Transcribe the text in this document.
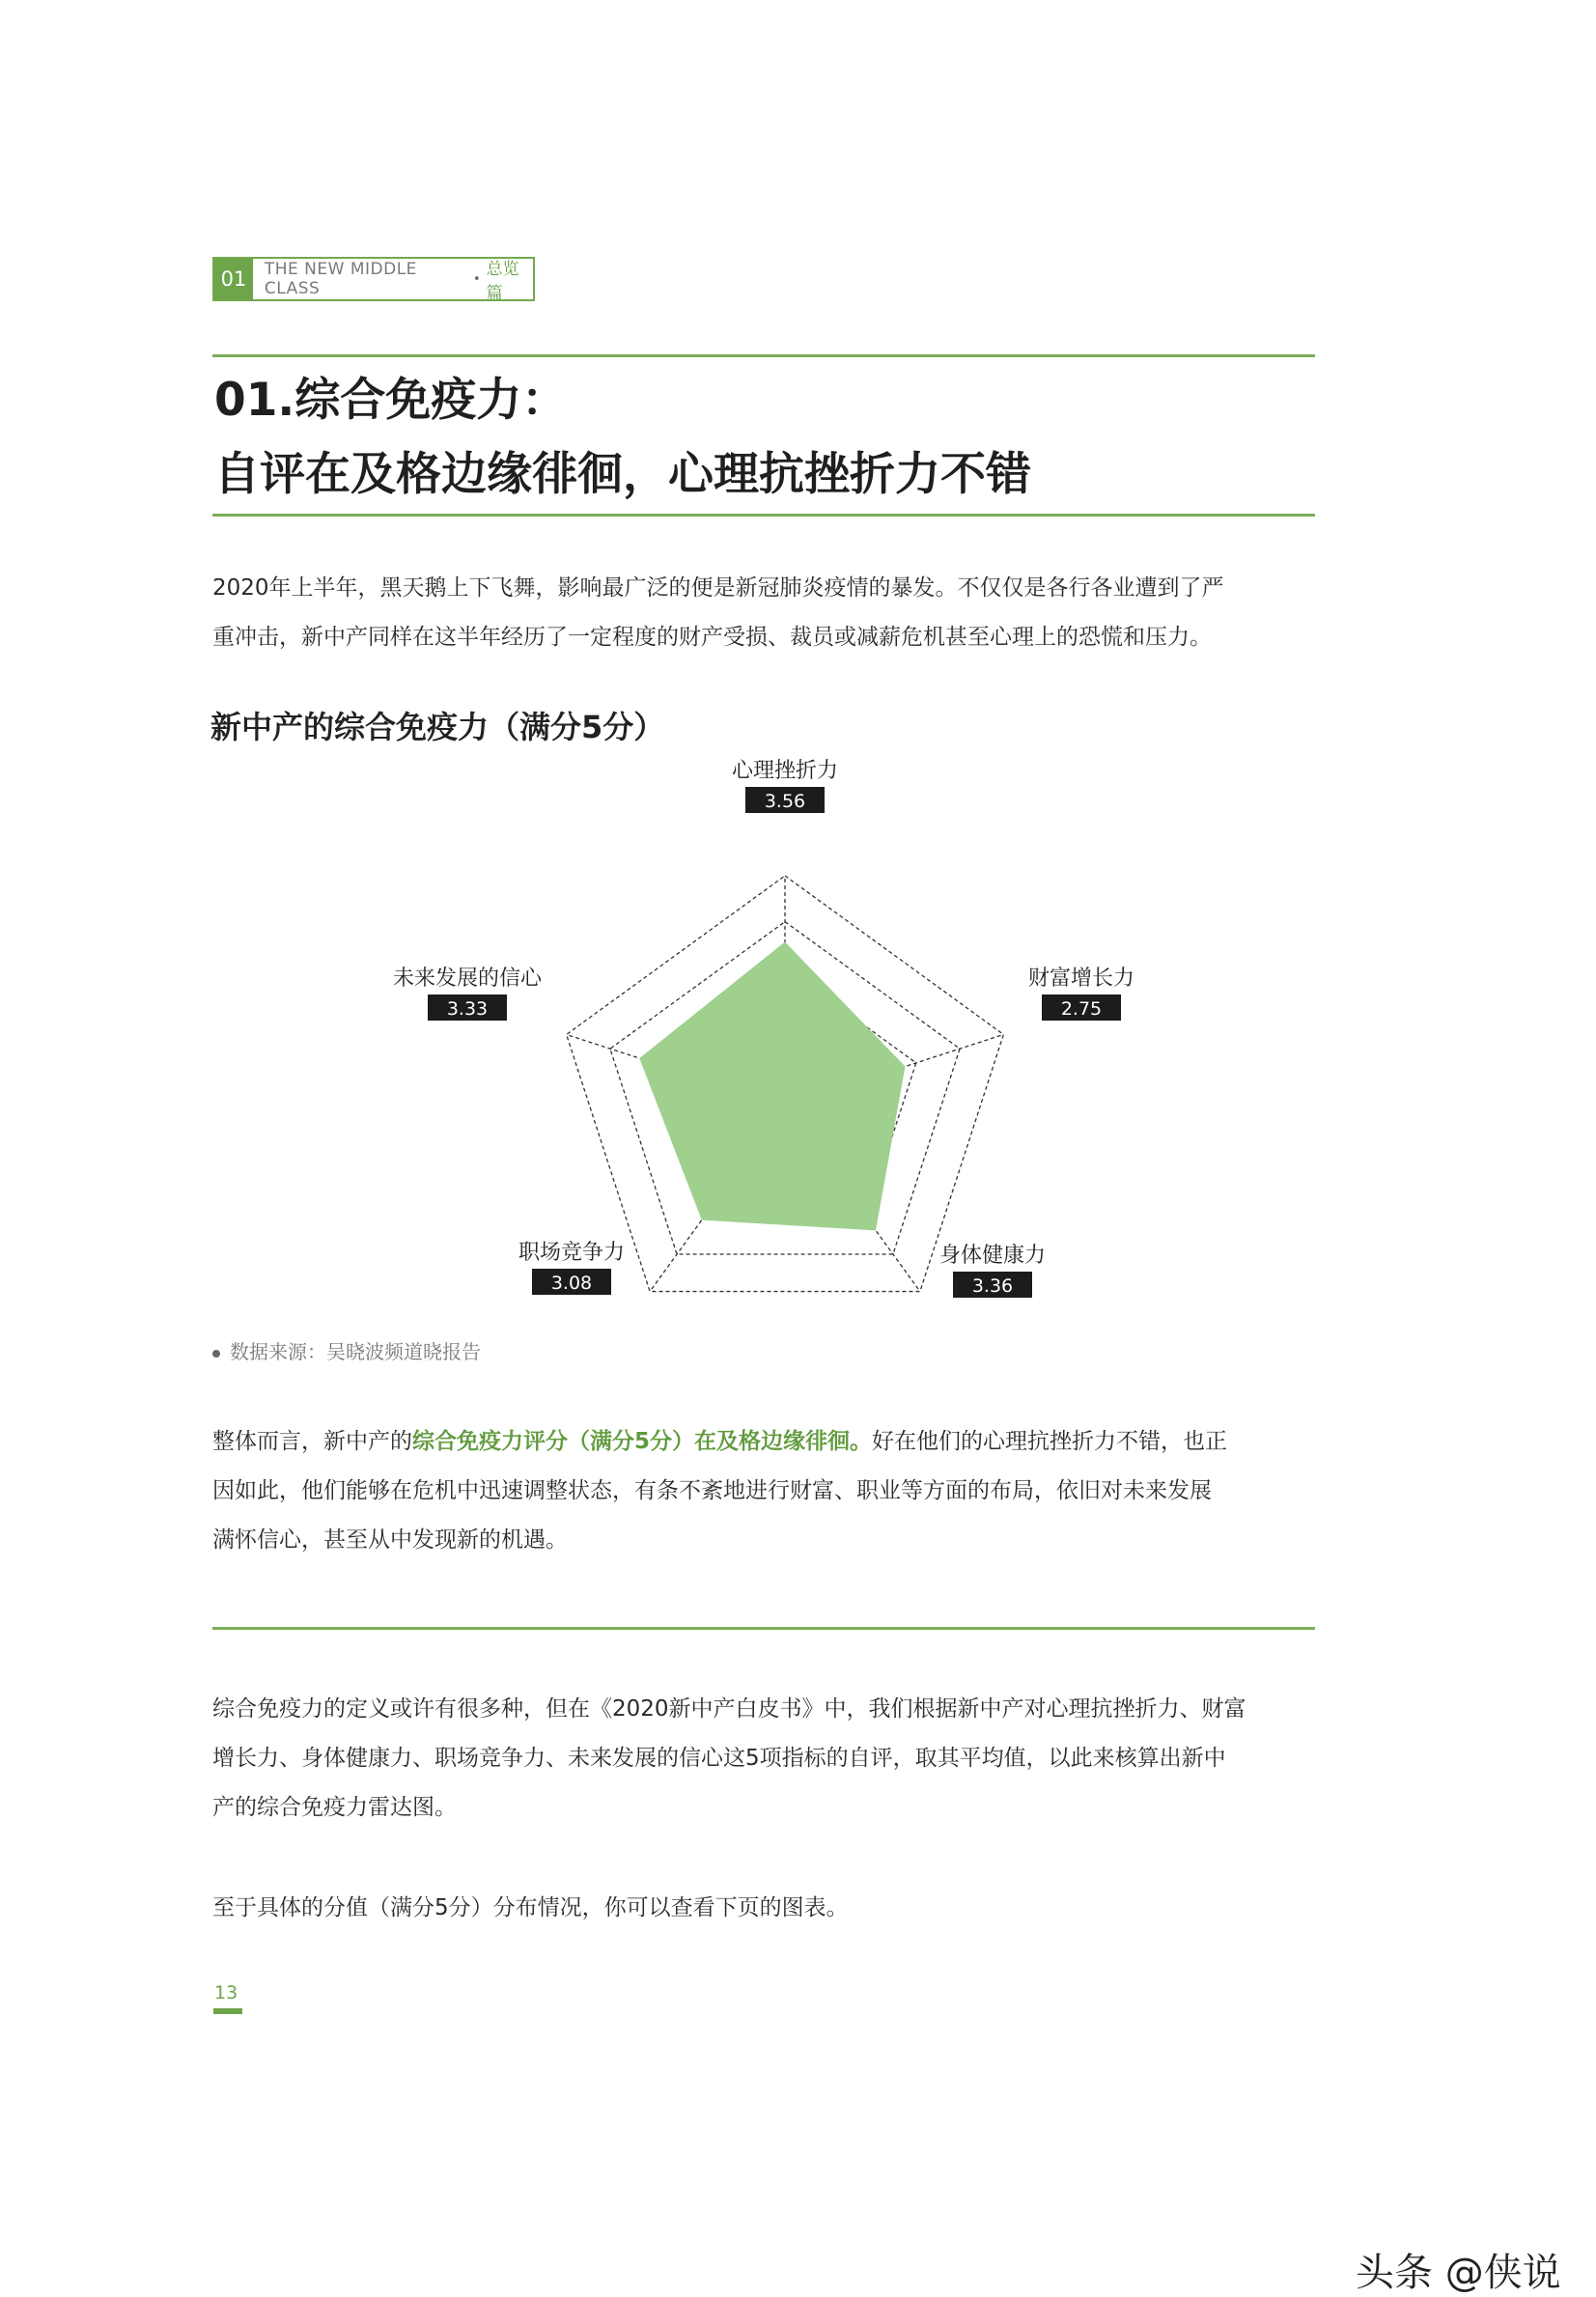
01	THE NEW MIDDLE CLASS	• 总览篇
01.综合免疫力：
自评在及格边缘徘徊，心理抗挫折力不错

2020年上半年，黑天鹅上下飞舞，影响最广泛的便是新冠肺炎疫情的暴发。不仅仅是各行各业遭到了严

重冲击，新中产同样在这半年经历了一定程度的财产受损、裁员或减薪危机甚至心理上的恐慌和压力。

新中产的综合免疫力（满分5分）
心理挫折力
3.56
财富增长力
2.75
身体健康力
3.36
职场竞争力
3.08
未来发展的信心
3.33
数据来源：吴晓波频道晓报告

整体而言，新中产的综合免疫力评分（满分5分）在及格边缘徘徊。好在他们的心理抗挫折力不错，也正

因如此，他们能够在危机中迅速调整状态，有条不紊地进行财富、职业等方面的布局，依旧对未来发展

满怀信心，甚至从中发现新的机遇。

综合免疫力的定义或许有很多种，但在《2020新中产白皮书》中，我们根据新中产对心理抗挫折力、财富

增长力、身体健康力、职场竞争力、未来发展的信心这5项指标的自评，取其平均值，以此来核算出新中

产的综合免疫力雷达图。

至于具体的分值（满分5分）分布情况，你可以查看下页的图表。

13
头条 @侠说
